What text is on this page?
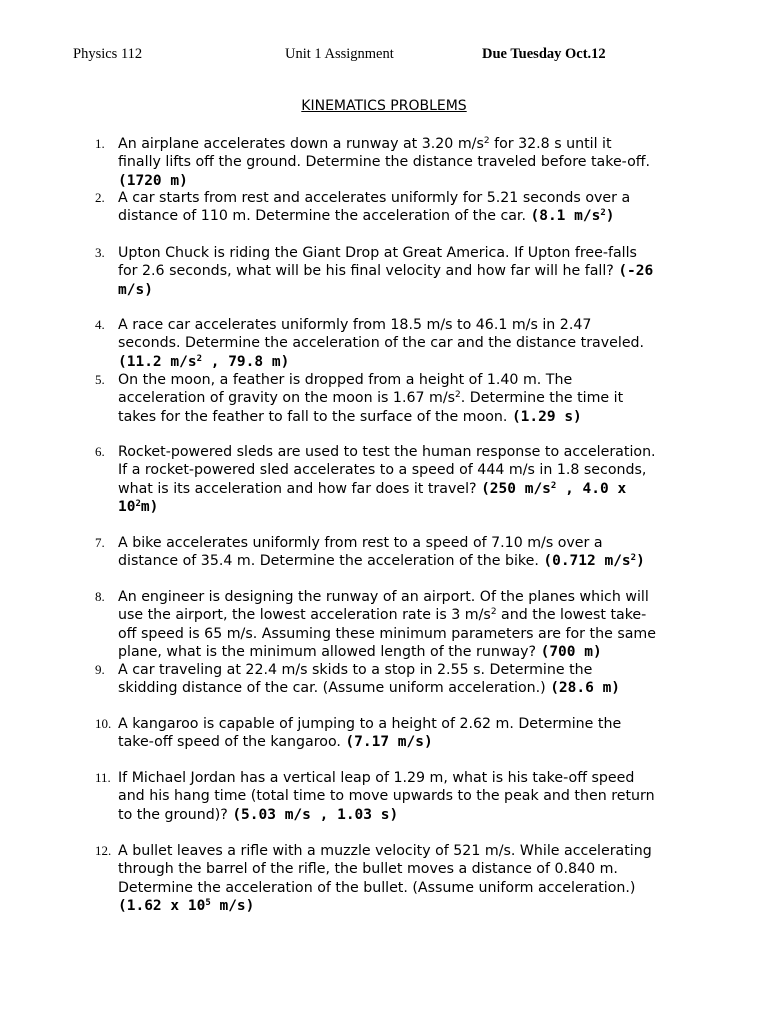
Physics 112	Unit 1 Assignment	Due Tuesday Oct.12
KINEMATICS PROBLEMS
1. An airplane accelerates down a runway at 3.20 $m/s^2$ for 32.8 s until it
finally lifts off the ground. Determine the distance traveled before take-off.
(1720 m)
2. A car starts from rest and accelerates uniformly for 5.21 seconds over a
distance of 110 m. Determine the acceleration of the car. (8.1 $m/s^2$)
3. Upton Chuck is riding the Giant Drop at Great America. If Upton free-falls
for 2.6 seconds, what will be his final velocity and how far will he fall? (-26
m/s)
4. A race car accelerates uniformly from 18.5 m/s to 46.1 m/s in 2.47
seconds. Determine the acceleration of the car and the distance traveled.
(11.2 $m/s^2$ , 79.8 m)
5. On the moon, a feather is dropped from a height of 1.40 m. The
acceleration of gravity on the moon is 1.67 $m/s^2$. Determine the time it
takes for the feather to fall to the surface of the moon. (1.29 s)
6. Rocket-powered sleds are used to test the human response to acceleration.
If a rocket-powered sled accelerates to a speed of 444 m/s in 1.8 seconds,
what is its acceleration and how far does it travel? (250 $m/s^2$ , 4.0 x
$10^2m$)
7. A bike accelerates uniformly from rest to a speed of 7.10 m/s over a
distance of 35.4 m. Determine the acceleration of the bike. (0.712 $m/s^2$)
8. An engineer is designing the runway of an airport. Of the planes which will
use the airport, the lowest acceleration rate is 3 $m/s^2$ and the lowest take-
off speed is 65 m/s. Assuming these minimum parameters are for the same
plane, what is the minimum allowed length of the runway? (700 m)
9. A car traveling at 22.4 m/s skids to a stop in 2.55 s. Determine the
skidding distance of the car. (Assume uniform acceleration.) (28.6 m)
10. A kangaroo is capable of jumping to a height of 2.62 m. Determine the
take-off speed of the kangaroo. (7.17 m/s)
11. If Michael Jordan has a vertical leap of 1.29 m, what is his take-off speed
and his hang time (total time to move upwards to the peak and then return
to the ground)? (5.03 m/s , 1.03 s)
12. A bullet leaves a rifle with a muzzle velocity of 521 m/s. While accelerating
through the barrel of the rifle, the bullet moves a distance of 0.840 m.
Determine the acceleration of the bullet. (Assume uniform acceleration.)
(1.62 x $10^5$ m/s)
